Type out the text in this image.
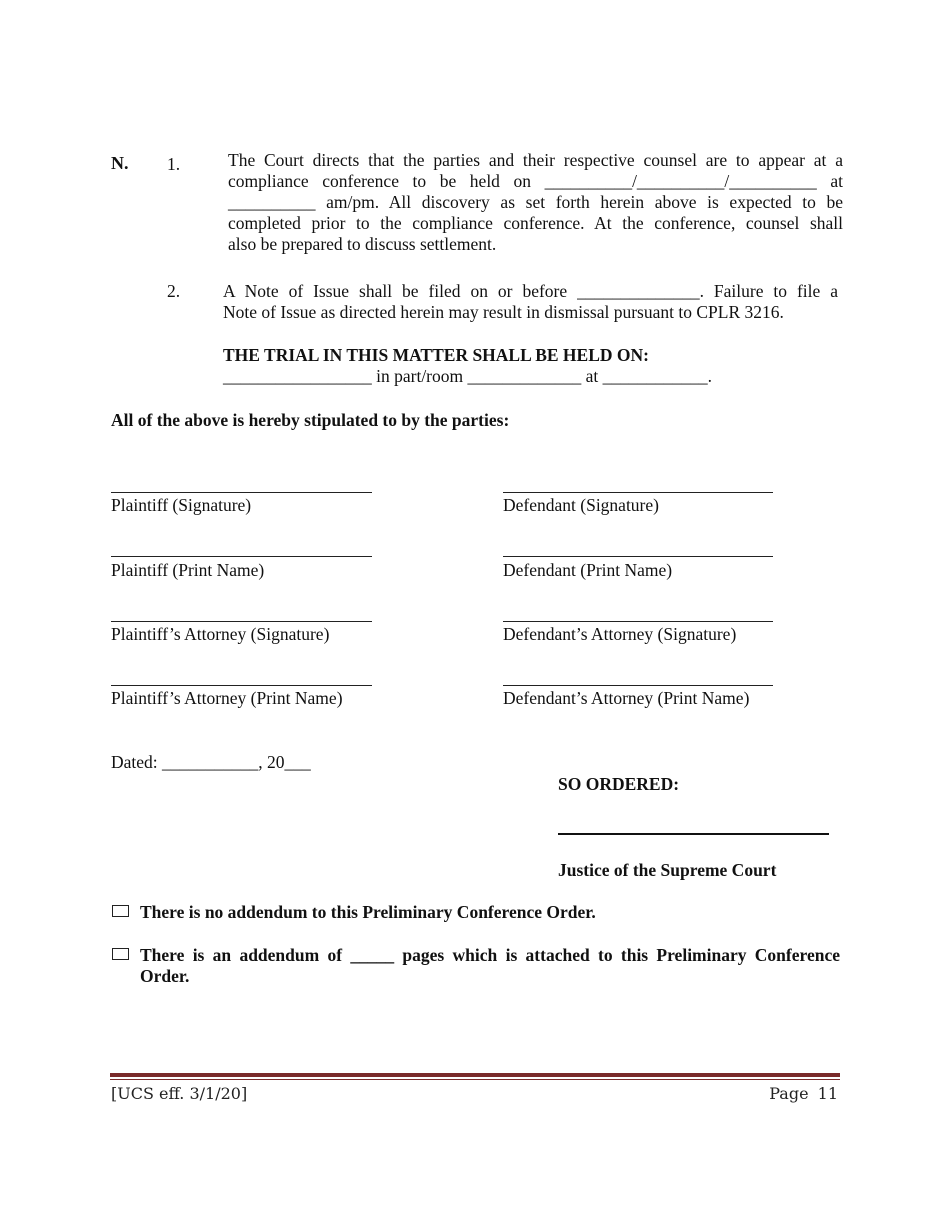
N. 1.	The Court directs that the parties and their respective counsel are to appear at a
compliance conference to be held on __________/__________/__________ at
__________ am/pm. All discovery as set forth herein above is expected to be
completed prior to the compliance conference. At the conference, counsel shall
also be prepared to discuss settlement.
2. A Note of Issue shall be filed on or before ______________. Failure to file a
Note of Issue as directed herein may result in dismissal pursuant to CPLR 3216.
THE TRIAL IN THIS MATTER SHALL BE HELD ON:
_________________ in part/room _____________ at ____________.
All of the above is hereby stipulated to by the parties:
Plaintiff (Signature)
Plaintiff (Print Name)
Plaintiff’s Attorney (Signature)
Plaintiff’s Attorney (Print Name)
Defendant (Signature)
Defendant (Print Name)
Defendant’s Attorney (Signature)
Defendant’s Attorney (Print Name)
Dated: ___________, 20___
SO ORDERED:
Justice of the Supreme Court
There is no addendum to this Preliminary Conference Order.
There is an addendum of _____ pages which is attached to this Preliminary Conference
Order.
[UCS eff. 3/1/20]	Page 11
